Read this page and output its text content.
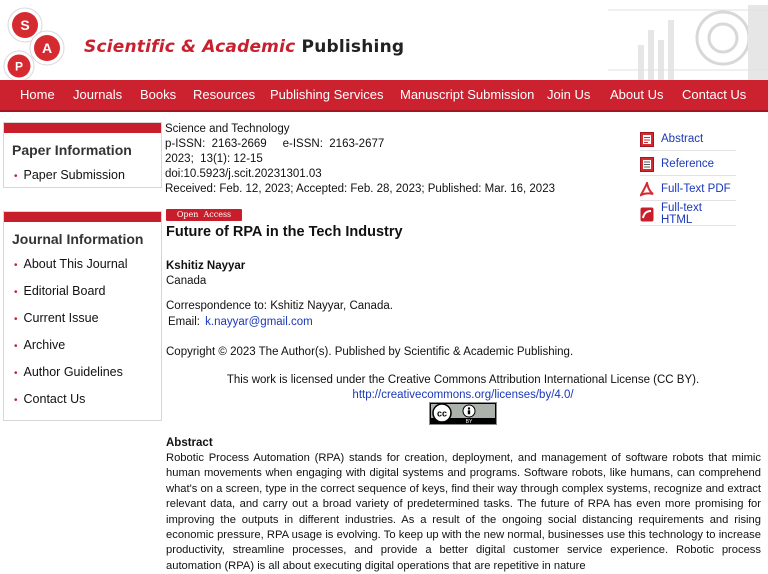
S
A
P
Scientific & Academic Publishing
Home Journals Books Resources Publishing Services Manuscript Submission Join Us About Us Contact Us
Paper Information
• Paper Submission
Journal Information
• About This Journal
• Editorial Board
• Current Issue
• Archive
• Author Guidelines
• Contact Us
Science and Technology
p-ISSN:  2163-2669     e-ISSN:  2163-2677
2023;  13(1): 12-15
doi:10.5923/j.scit.20231301.03
Received: Feb. 12, 2023; Accepted: Feb. 28, 2023; Published: Mar. 16, 2023
Abstract
Reference
Full-Text PDF
Full-text HTML
Open  Access
Future of RPA in the Tech Industry
Kshitiz Nayyar
Canada
Correspondence to: Kshitiz Nayyar, Canada.
Email: k.nayyar@gmail.com
Copyright © 2023 The Author(s). Published by Scientific & Academic Publishing.
This work is licensed under the Creative Commons Attribution International License (CC BY).
http://creativecommons.org/licenses/by/4.0/
cc
BY
Abstract
Robotic Process Automation (RPA) stands for creation, deployment, and management of software robots that mimic human movements when engaging with digital systems and programs. Software robots, like humans, can comprehend what's on a screen, type in the correct sequence of keys, find their way through complex systems, recognize and extract relevant data, and carry out a broad variety of predetermined tasks. The future of RPA has even more promising for improving the outputs in different industries. As a result of the ongoing social distancing requirements and rising economic pressure, RPA usage is evolving. To keep up with the new normal, businesses use this technology to increase productivity, streamline processes, and provide a better digital customer service experience. Robotic process automation (RPA) is all about executing digital operations that are repetitive in nature
